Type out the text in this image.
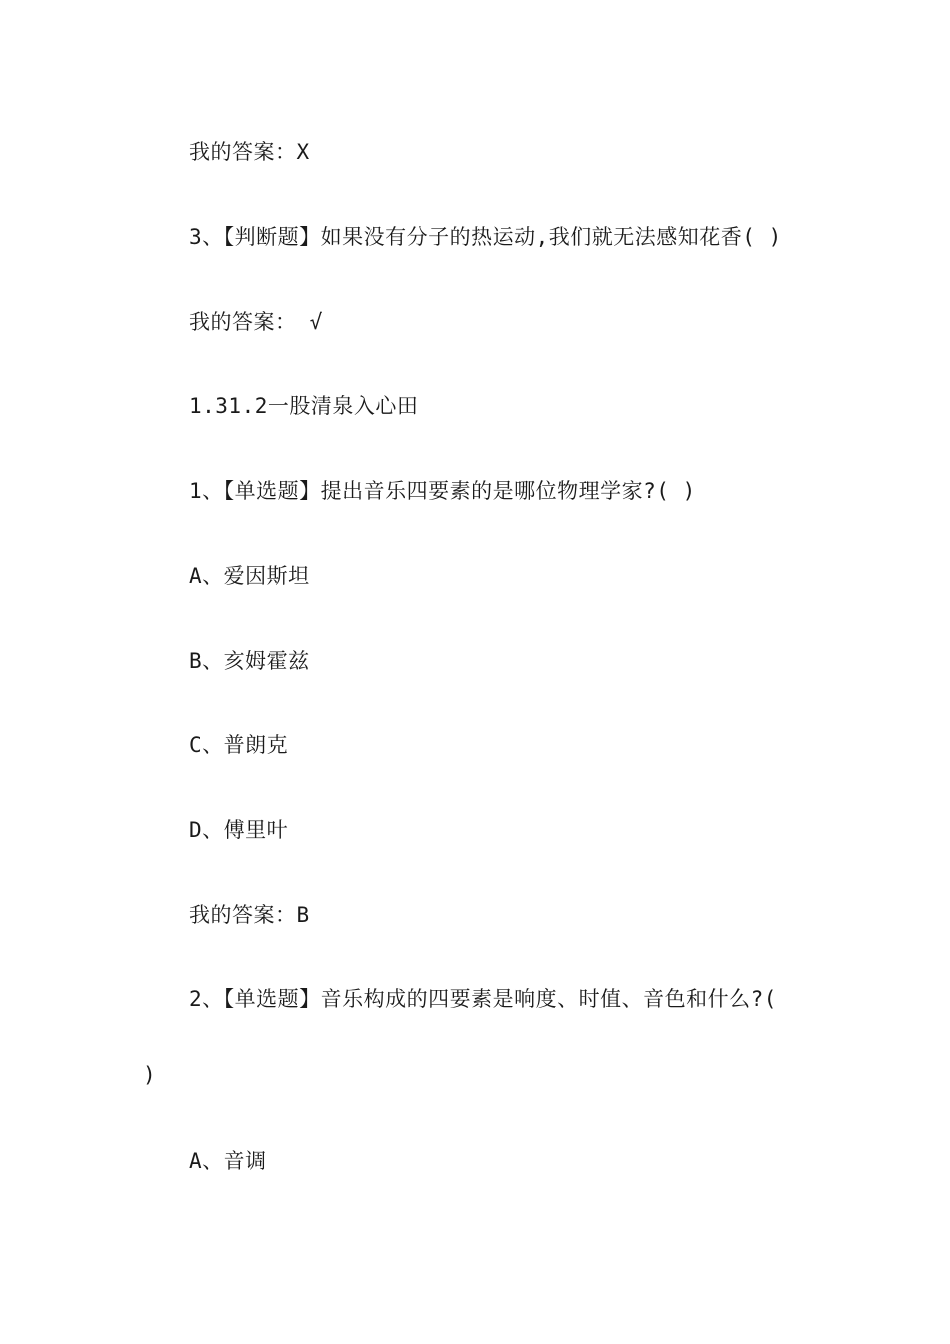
我的答案：X
3、【判断题】如果没有分子的热运动,我们就无法感知花香( )
我的答案： √
1.31.2一股清泉入心田
1、【单选题】提出音乐四要素的是哪位物理学家?( )
A、爱因斯坦
B、亥姆霍兹
C、普朗克
D、傅里叶
我的答案：B
2、【单选题】音乐构成的四要素是响度、时值、音色和什么?(
)
A、音调
